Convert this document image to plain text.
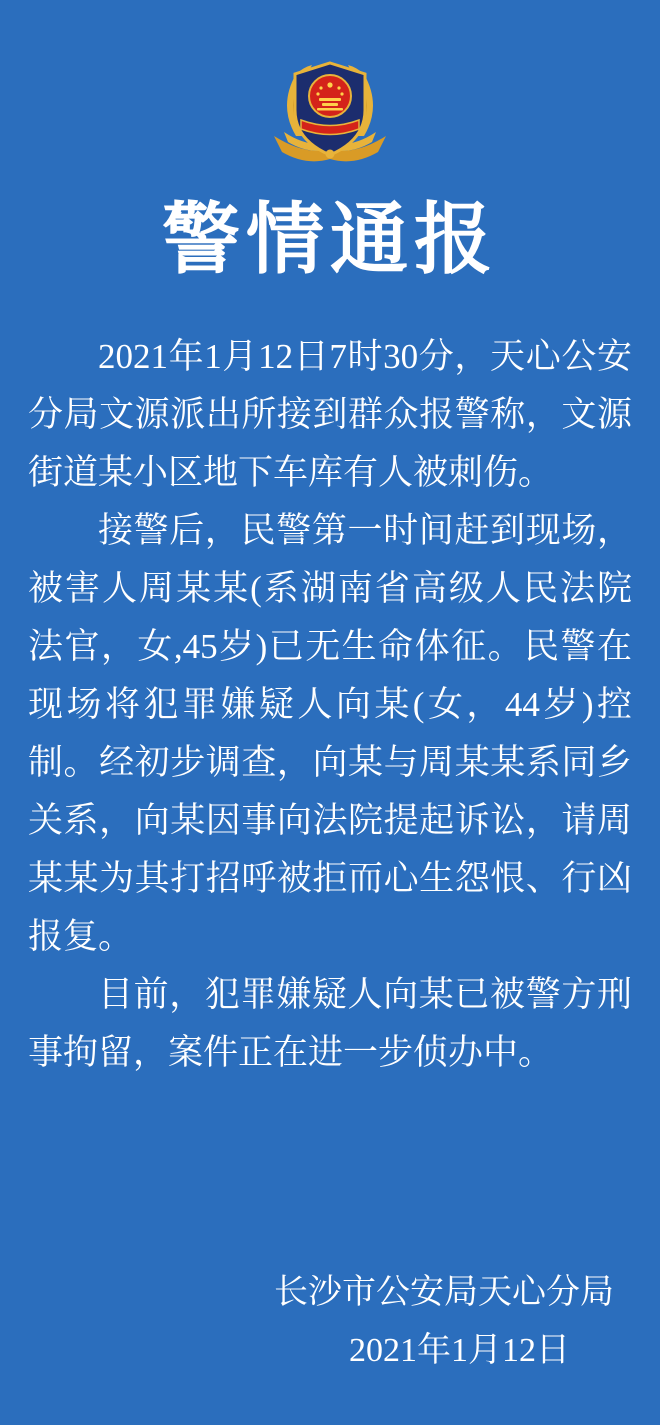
警情通报

2021年1月12日7时30分，天心公安分局文源派出所接到群众报警称，文源街道某小区地下车库有人被刺伤。

接警后，民警第一时间赶到现场，被害人周某某(系湖南省高级人民法院法官，女,45岁)已无生命体征。民警在现场将犯罪嫌疑人向某(女，44岁)控制。经初步调查，向某与周某某系同乡关系，向某因事向法院提起诉讼，请周某某为其打招呼被拒而心生怨恨、行凶报复。

目前，犯罪嫌疑人向某已被警方刑事拘留，案件正在进一步侦办中。

长沙市公安局天心分局
2021年1月12日
